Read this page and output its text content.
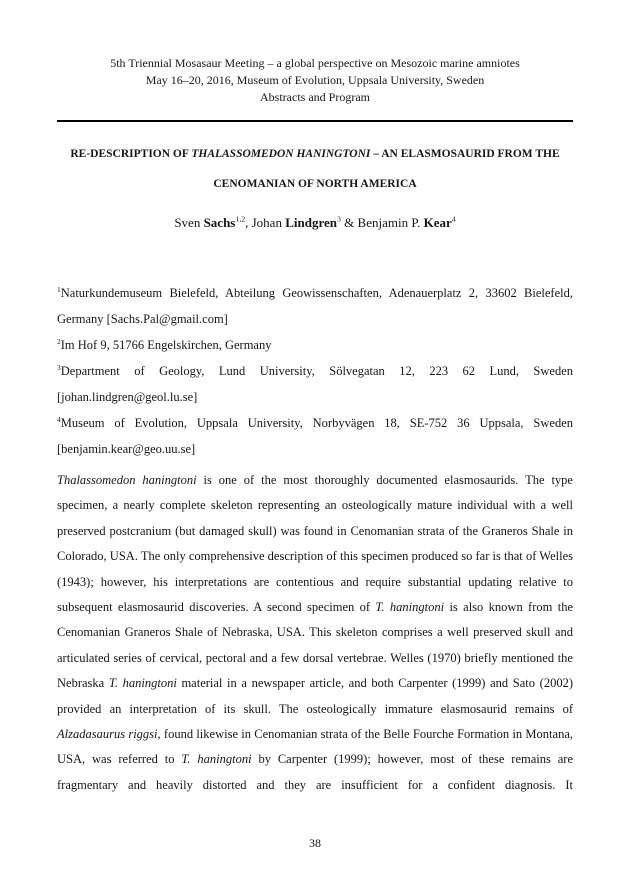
5th Triennial Mosasaur Meeting – a global perspective on Mesozoic marine amniotes
May 16–20, 2016, Museum of Evolution, Uppsala University, Sweden
Abstracts and Program
RE-DESCRIPTION OF THALASSOMEDON HANINGTONI – AN ELASMOSAURID FROM THE
CENOMANIAN OF NORTH AMERICA

Sven Sachs$^{1,2}$, Johan Lindgren$^3$ & Benjamin P. Kear$^4$

$^1$Naturkundemuseum Bielefeld, Abteilung Geowissenschaften, Adenauerplatz 2, 33602 Bielefeld, Germany [Sachs.Pal@gmail.com]

$^2$Im Hof 9, 51766 Engelskirchen, Germany

$^3$Department of Geology, Lund University, Sölvegatan 12, 223 62 Lund, Sweden [johan.lindgren@geol.lu.se]

$^4$Museum of Evolution, Uppsala University, Norbyvägen 18, SE-752 36 Uppsala, Sweden [benjamin.kear@geo.uu.se]

Thalassomedon haningtoni is one of the most thoroughly documented elasmosaurids. The type specimen, a nearly complete skeleton representing an osteologically mature individual with a well preserved postcranium (but damaged skull) was found in Cenomanian strata of the Graneros Shale in Colorado, USA. The only comprehensive description of this specimen produced so far is that of Welles (1943); however, his interpretations are contentious and require substantial updating relative to subsequent elasmosaurid discoveries. A second specimen of T. haningtoni is also known from the Cenomanian Graneros Shale of Nebraska, USA. This skeleton comprises a well preserved skull and articulated series of cervical, pectoral and a few dorsal vertebrae. Welles (1970) briefly mentioned the Nebraska T. haningtoni material in a newspaper article, and both Carpenter (1999) and Sato (2002) provided an interpretation of its skull. The osteologically immature elasmosaurid remains of Alzadasaurus riggsi, found likewise in Cenomanian strata of the Belle Fourche Formation in Montana, USA, was referred to T. haningtoni by Carpenter (1999); however, most of these remains are fragmentary and heavily distorted and they are insufficient for a confident diagnosis. It

38
